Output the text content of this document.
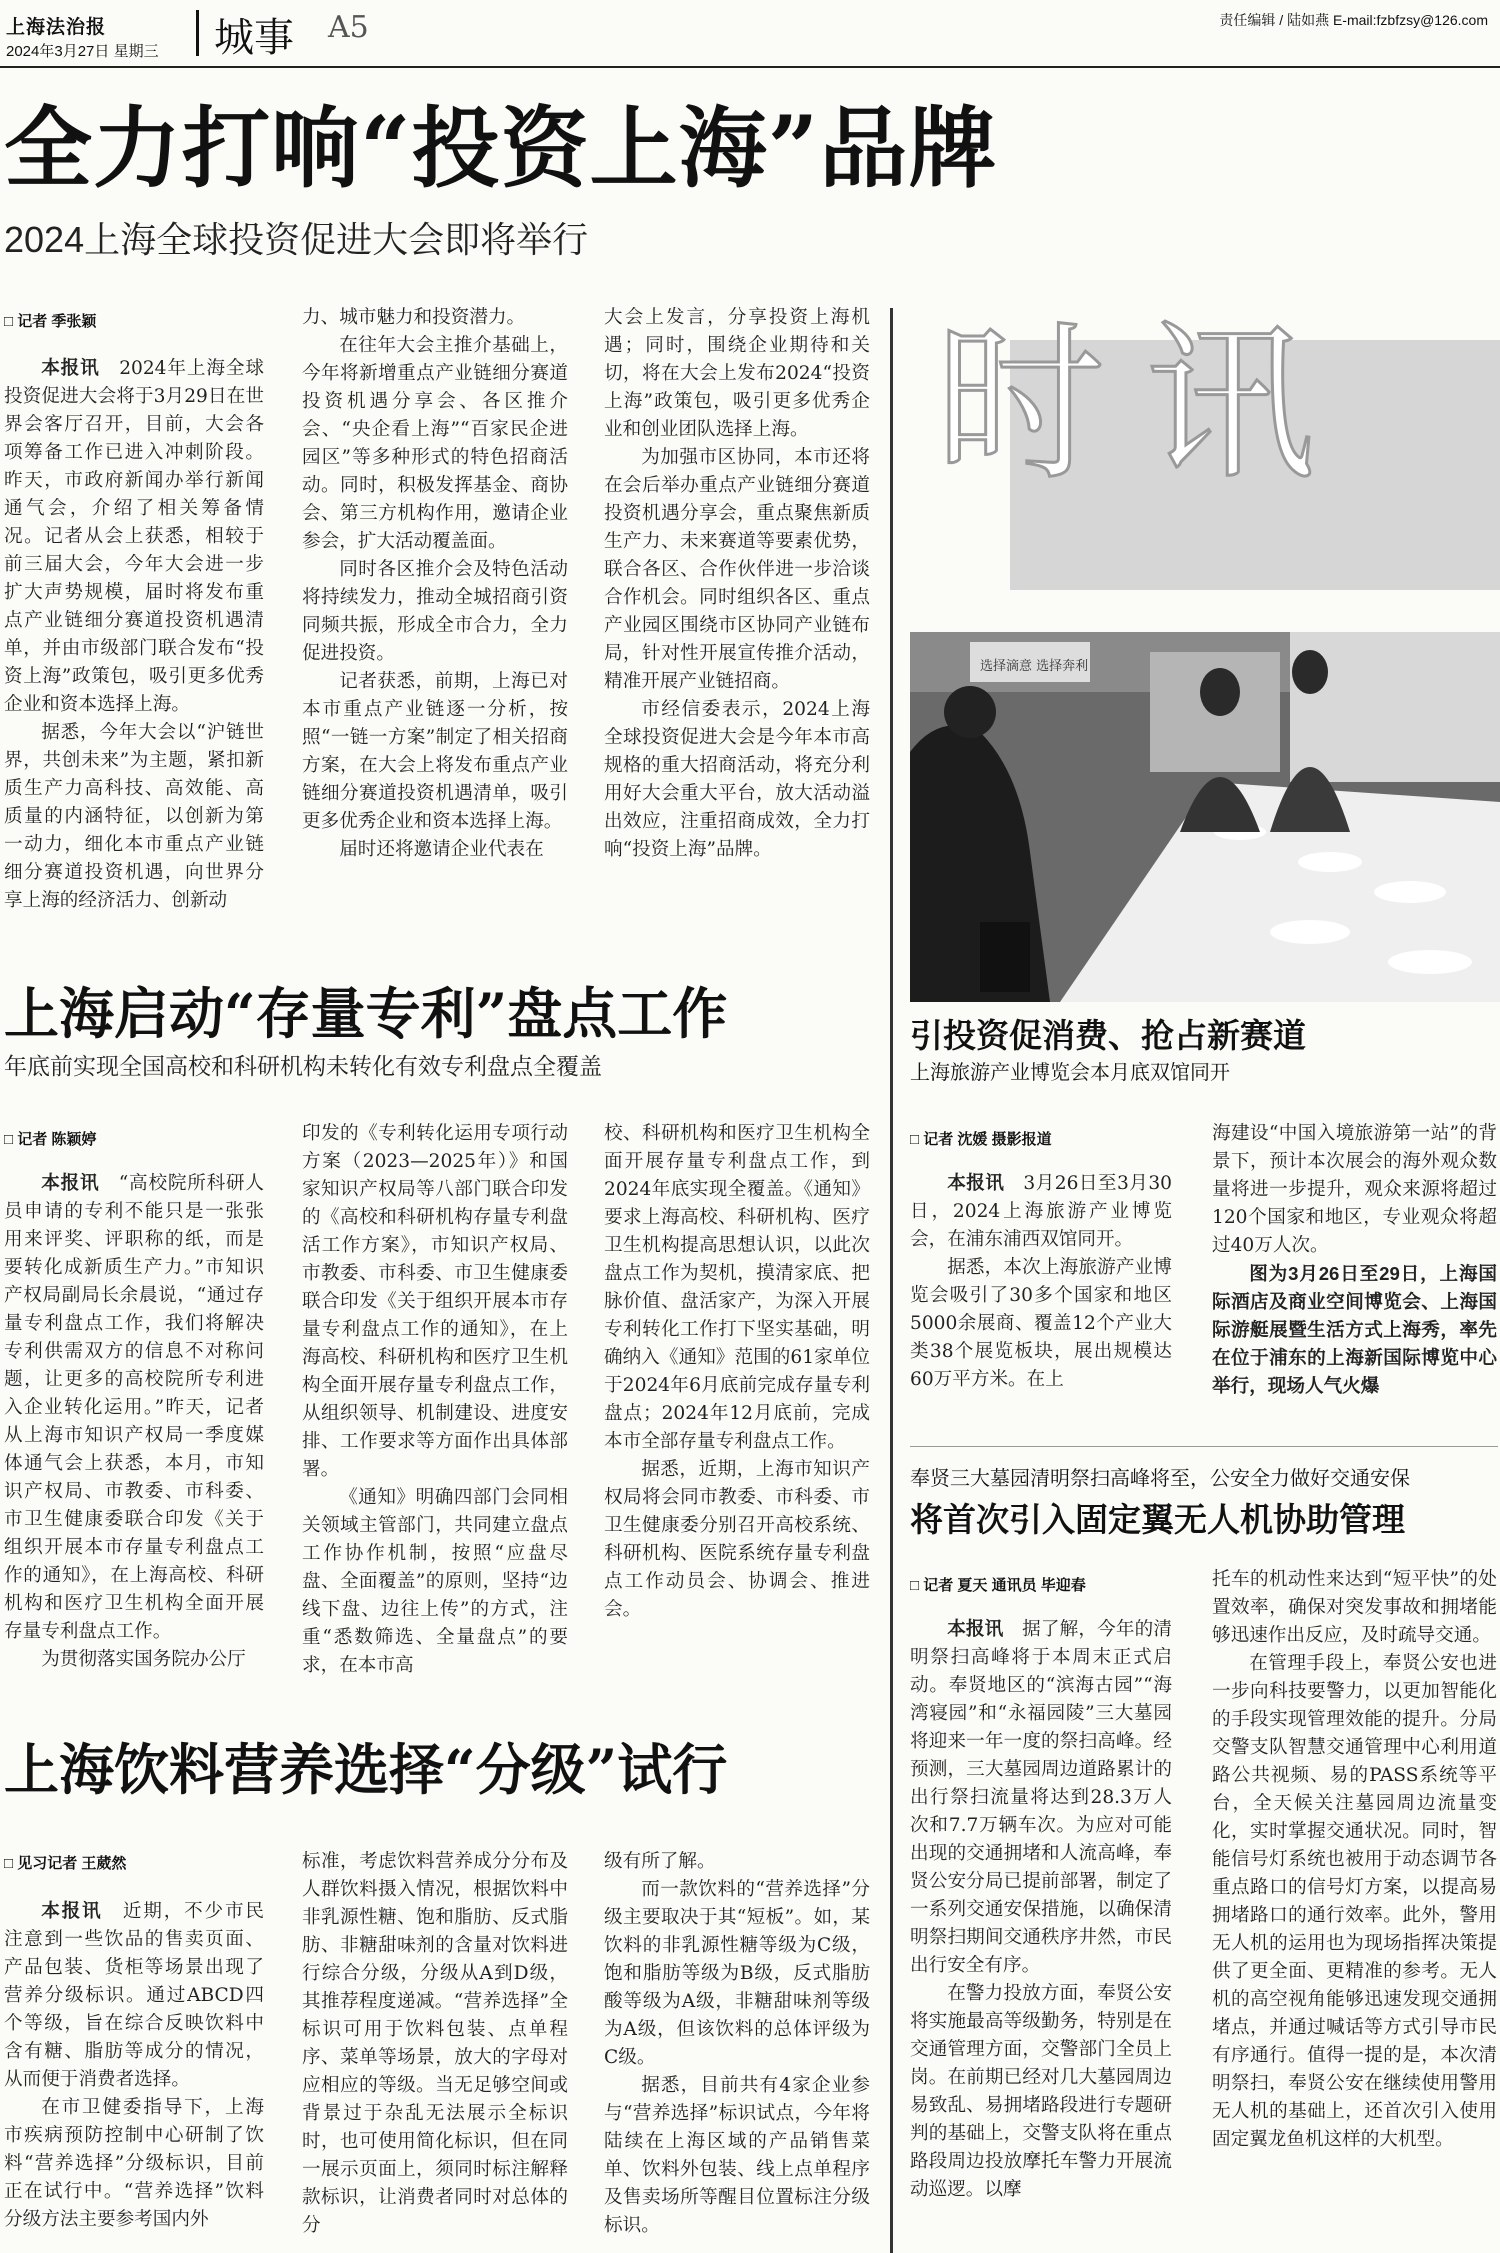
上海法治报
2024年3月27日 星期三 城事 A5	责任编辑 / 陆如燕 E-mail:fzbfzsy@126.com
全力打响“投资上海”品牌
2024上海全球投资促进大会即将举行
□ 记者 季张颖

本报讯　 2024年上海全球投资促进大会将于3月29日在世界会客厅召开，目前，大会各项筹备工作已进入冲刺阶段。昨天，市政府新闻办举行新闻通气会，介绍了相关筹备情况。记者从会上获悉，相较于前三届大会，今年大会进一步扩大声势规模，届时将发布重点产业链细分赛道投资机遇清单，并由市级部门联合发布“投资上海”政策包，吸引更多优秀企业和资本选择上海。

据悉，今年大会以“沪链世界，共创未来”为主题，紧扣新质生产力高科技、高效能、高质量的内涵特征，以创新为第一动力，细化本市重点产业链细分赛道投资机遇，向世界分享上海的经济活力、创新动

力、城市魅力和投资潜力。

在往年大会主推介基础上，今年将新增重点产业链细分赛道投资机遇分享会、各区推介会、“央企看上海”“百家民企进园区”等多种形式的特色招商活动。同时，积极发挥基金、商协会、第三方机构作用，邀请企业参会，扩大活动覆盖面。

同时各区推介会及特色活动将持续发力，推动全城招商引资同频共振，形成全市合力，全力促进投资。

记者获悉，前期，上海已对本市重点产业链逐一分析，按照“一链一方案”制定了相关招商方案，在大会上将发布重点产业链细分赛道投资机遇清单，吸引更多优秀企业和资本选择上海。

届时还将邀请企业代表在

大会上发言，分享投资上海机遇；同时，围绕企业期待和关切，将在大会上发布2024“投资上海”政策包，吸引更多优秀企业和创业团队选择上海。

为加强市区协同，本市还将在会后举办重点产业链细分赛道投资机遇分享会，重点聚焦新质生产力、未来赛道等要素优势，联合各区、合作伙伴进一步洽谈合作机会。同时组织各区、重点产业园区围绕市区协同产业链布局，针对性开展宣传推介活动，精准开展产业链招商。

市经信委表示，2024上海全球投资促进大会是今年本市高规格的重大招商活动，将充分利用好大会重大平台，放大活动溢出效应，注重招商成效，全力打响“投资上海”品牌。

上海启动“存量专利”盘点工作
年底前实现全国高校和科研机构未转化有效专利盘点全覆盖
□ 记者 陈颖婷

本报讯　 “高校院所科研人员申请的专利不能只是一张张用来评奖、评职称的纸，而是要转化成新质生产力。”市知识产权局副局长余晨说，“通过存量专利盘点工作，我们将解决专利供需双方的信息不对称问题，让更多的高校院所专利进入企业转化运用。”昨天，记者从上海市知识产权局一季度媒体通气会上获悉，本月，市知识产权局、市教委、市科委、市卫生健康委联合印发《关于组织开展本市存量专利盘点工作的通知》，在上海高校、科研机构和医疗卫生机构全面开展存量专利盘点工作。

为贯彻落实国务院办公厅

印发的《专利转化运用专项行动方案（2023—2025年）》和国家知识产权局等八部门联合印发的《高校和科研机构存量专利盘活工作方案》，市知识产权局、市教委、市科委、市卫生健康委联合印发《关于组织开展本市存量专利盘点工作的通知》，在上海高校、科研机构和医疗卫生机构全面开展存量专利盘点工作，从组织领导、机制建设、进度安排、工作要求等方面作出具体部署。

《通知》明确四部门会同相关领域主管部门，共同建立盘点工作协作机制，按照“应盘尽盘、全面覆盖”的原则，坚持“边线下盘、边往上传”的方式，注重“悉数筛选、全量盘点”的要求，在本市高

校、科研机构和医疗卫生机构全面开展存量专利盘点工作，到2024年底实现全覆盖。《通知》要求上海高校、科研机构、医疗卫生机构提高思想认识，以此次盘点工作为契机，摸清家底、把脉价值、盘活家产，为深入开展专利转化工作打下坚实基础，明确纳入《通知》范围的61家单位于2024年6月底前完成存量专利盘点；2024年12月底前，完成本市全部存量专利盘点工作。

据悉，近期，上海市知识产权局将会同市教委、市科委、市卫生健康委分别召开高校系统、科研机构、医院系统存量专利盘点工作动员会、协调会、推进会。

上海饮料营养选择“分级”试行
□ 见习记者 王葳然

本报讯　 近期，不少市民注意到一些饮品的售卖页面、产品包装、货柜等场景出现了营养分级标识。通过ABCD四个等级，旨在综合反映饮料中含有糖、脂肪等成分的情况，从而便于消费者选择。

在市卫健委指导下，上海市疾病预防控制中心研制了饮料“营养选择”分级标识，目前正在试行中。“营养选择”饮料分级方法主要参考国内外

标准，考虑饮料营养成分分布及人群饮料摄入情况，根据饮料中非乳源性糖、饱和脂肪、反式脂肪、非糖甜味剂的含量对饮料进行综合分级，分级从A到D级，其推荐程度递减。“营养选择”全标识可用于饮料包装、点单程序、菜单等场景，放大的字母对应相应的等级。当无足够空间或背景过于杂乱无法展示全标识时，也可使用简化标识，但在同一展示页面上，须同时标注解释款标识，让消费者同时对总体的分

级有所了解。

而一款饮料的“营养选择”分级主要取决于其“短板”。如，某饮料的非乳源性糖等级为C级，饱和脂肪等级为B级，反式脂肪酸等级为A级，非糖甜味剂等级为A级，但该饮料的总体评级为C级。

据悉，目前共有4家企业参与“营养选择”标识试点，今年将陆续在上海区域的产品销售菜单、饮料外包装、线上点单程序及售卖场所等醒目位置标注分级标识。

时讯
选择滴意 选择奔利
引投资促消费、抢占新赛道
上海旅游产业博览会本月底双馆同开
□ 记者 沈媛 摄影报道

本报讯　 3月26日至3月30日，2024上海旅游产业博览会，在浦东浦西双馆同开。

据悉，本次上海旅游产业博览会吸引了30多个国家和地区5000余展商、覆盖12个产业大类38个展览板块，展出规模达60万平方米。在上

海建设“中国入境旅游第一站”的背景下，预计本次展会的海外观众数量将进一步提升，观众来源将超过120个国家和地区，专业观众将超过40万人次。

图为3月26日至29日，上海国际酒店及商业空间博览会、上海国际游艇展暨生活方式上海秀，率先在位于浦东的上海新国际博览中心举行，现场人气火爆

奉贤三大墓园清明祭扫高峰将至，公安全力做好交通安保
将首次引入固定翼无人机协助管理
□ 记者 夏天 通讯员 毕迎春

本报讯　 据了解，今年的清明祭扫高峰将于本周末正式启动。奉贤地区的“滨海古园”“海湾寝园”和“永福园陵”三大墓园将迎来一年一度的祭扫高峰。经预测，三大墓园周边道路累计的出行祭扫流量将达到28.3万人次和7.7万辆车次。为应对可能出现的交通拥堵和人流高峰，奉贤公安分局已提前部署，制定了一系列交通安保措施，以确保清明祭扫期间交通秩序井然，市民出行安全有序。

在警力投放方面，奉贤公安将实施最高等级勤务，特别是在交通管理方面，交警部门全员上岗。在前期已经对几大墓园周边易致乱、易拥堵路段进行专题研判的基础上，交警支队将在重点路段周边投放摩托车警力开展流动巡逻。以摩

托车的机动性来达到“短平快”的处置效率，确保对突发事故和拥堵能够迅速作出反应，及时疏导交通。

在管理手段上，奉贤公安也进一步向科技要警力，以更加智能化的手段实现管理效能的提升。分局交警支队智慧交通管理中心利用道路公共视频、易的PASS系统等平台，全天候关注墓园周边流量变化，实时掌握交通状况。同时，智能信号灯系统也被用于动态调节各重点路口的信号灯方案，以提高易拥堵路口的通行效率。此外，警用无人机的运用也为现场指挥决策提供了更全面、更精准的参考。无人机的高空视角能够迅速发现交通拥堵点，并通过喊话等方式引导市民有序通行。值得一提的是，本次清明祭扫，奉贤公安在继续使用警用无人机的基础上，还首次引入使用固定翼龙鱼机这样的大机型。
